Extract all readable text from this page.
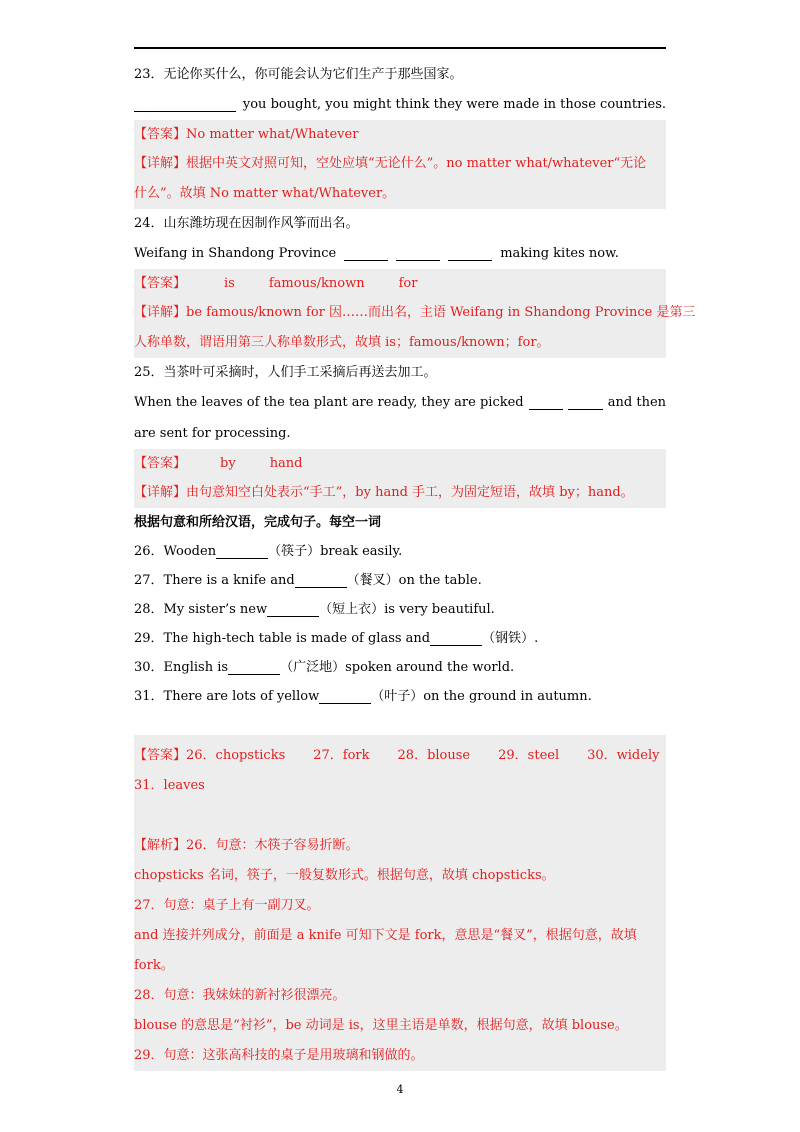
23．无论你买什么，你可能会认为它们生产于那些国家。
you bought, you might think they were made in those countries.
【答案】 No matter what/Whatever
【详解】 根据中英文对照可知，空处应填“无论什么”。no matter what/whatever“无论
什么”。故填 No matter what/Whatever。
24．山东潍坊现在因制作风筝而出名。
Weifang in Shandong Province	making kites now.
【答案】	is	famous/known	for
【详解】 be famous/known for 因……而出名，主语 Weifang in Shandong Province 是第三
人称单数，谓语用第三人称单数形式，故填 is；famous/known；for。
25．当茶叶可采摘时，人们手工采摘后再送去加工。
When the leaves of the tea plant are ready, they are picked	and then
are sent for processing.
【答案】	by	hand
【详解】 由句意知空白处表示“手工”，by hand 手工，为固定短语，故填 by；hand。
根据句意和所给汉语，完成句子。每空一词
26．Wooden	（筷子） break easily.
27．There is a knife and	（餐叉） on the table.
28．My sister’s new	（短上衣） is very beautiful.
29．The high-tech table is made of glass and	（钢铁） .
30．English is	（广泛地） spoken around the world.
31．There are lots of yellow	（叶子） on the ground in autumn.
【答案】 26．chopsticks 27．fork 28．blouse 29．steel 30．widely
31．leaves
【解析】 26．句意：木筷子容易折断。
chopsticks 名词，筷子，一般复数形式。根据句意，故填 chopsticks。
27．句意：桌子上有一副刀叉。
and 连接并列成分，前面是 a knife 可知下文是 fork，意思是“餐叉”，根据句意，故填
fork。
28．句意：我妹妹的新衬衫很漂亮。
blouse 的意思是“衬衫”，be 动词是 is，这里主语是单数，根据句意，故填 blouse。
29．句意：这张高科技的桌子是用玻璃和钢做的。
4
